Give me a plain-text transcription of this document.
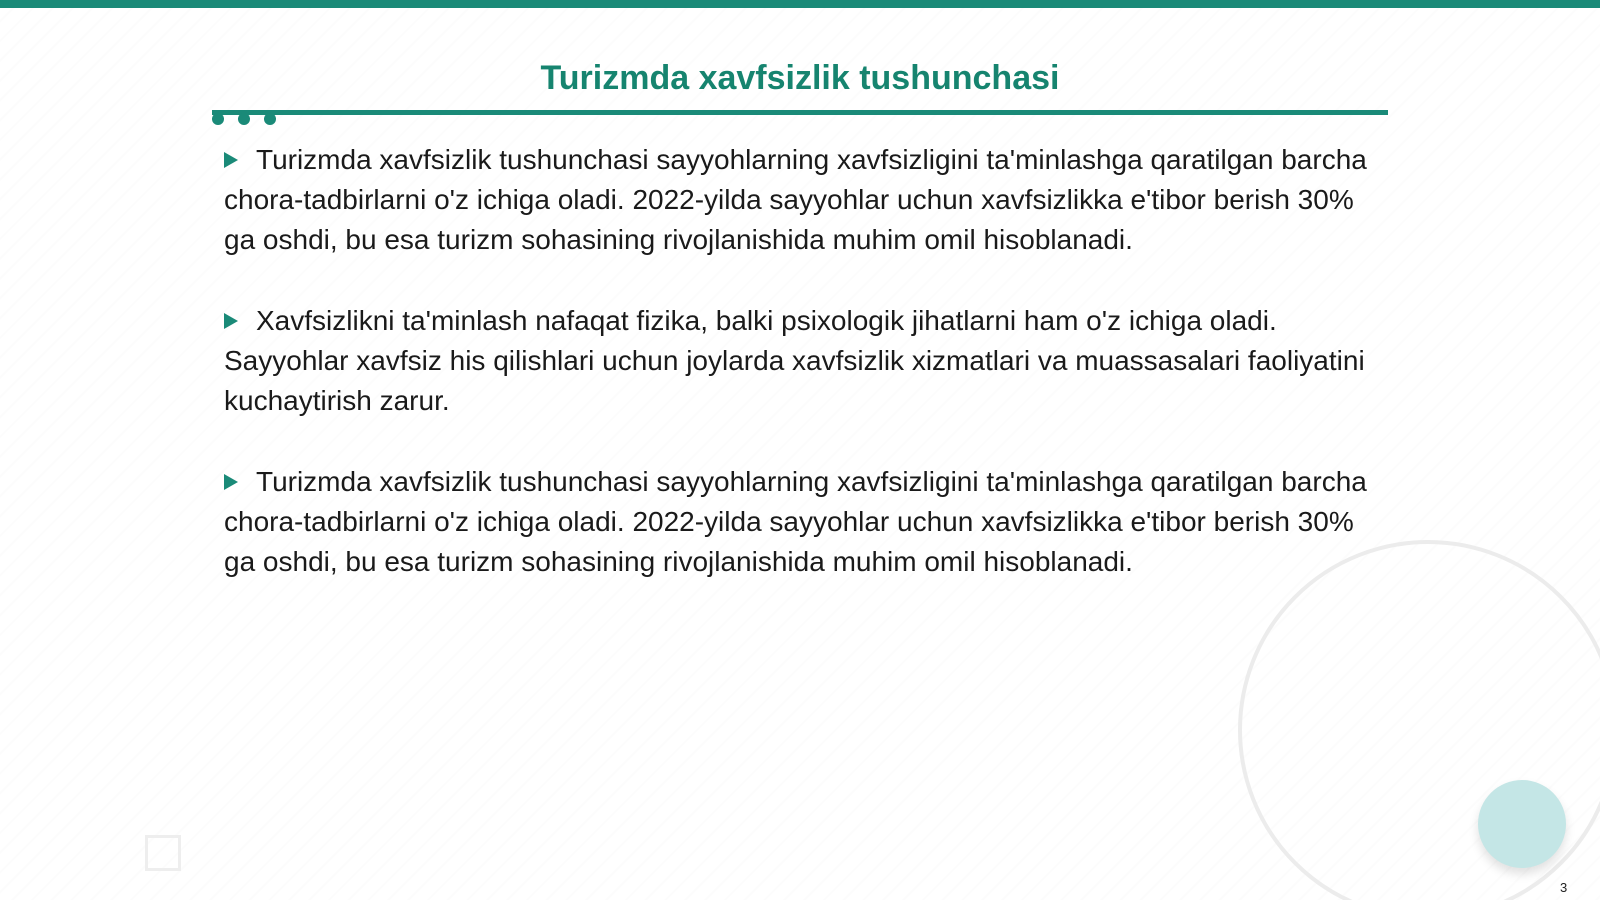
Turizmda xavfsizlik tushunchasi

Turizmda xavfsizlik tushunchasi sayyohlarning xavfsizligini ta'minlashga qaratilgan barcha chora-tadbirlarni o'z ichiga oladi. 2022-yilda sayyohlar uchun xavfsizlikka e'tibor berish 30% ga oshdi, bu esa turizm sohasining rivojlanishida muhim omil hisoblanadi.

Xavfsizlikni ta'minlash nafaqat fizika, balki psixologik jihatlarni ham o'z ichiga oladi. Sayyohlar xavfsiz his qilishlari uchun joylarda xavfsizlik xizmatlari va muassasalari faoliyatini kuchaytirish zarur.

Turizmda xavfsizlik tushunchasi sayyohlarning xavfsizligini ta'minlashga qaratilgan barcha chora-tadbirlarni o'z ichiga oladi. 2022-yilda sayyohlar uchun xavfsizlikka e'tibor berish 30% ga oshdi, bu esa turizm sohasining rivojlanishida muhim omil hisoblanadi.

3
